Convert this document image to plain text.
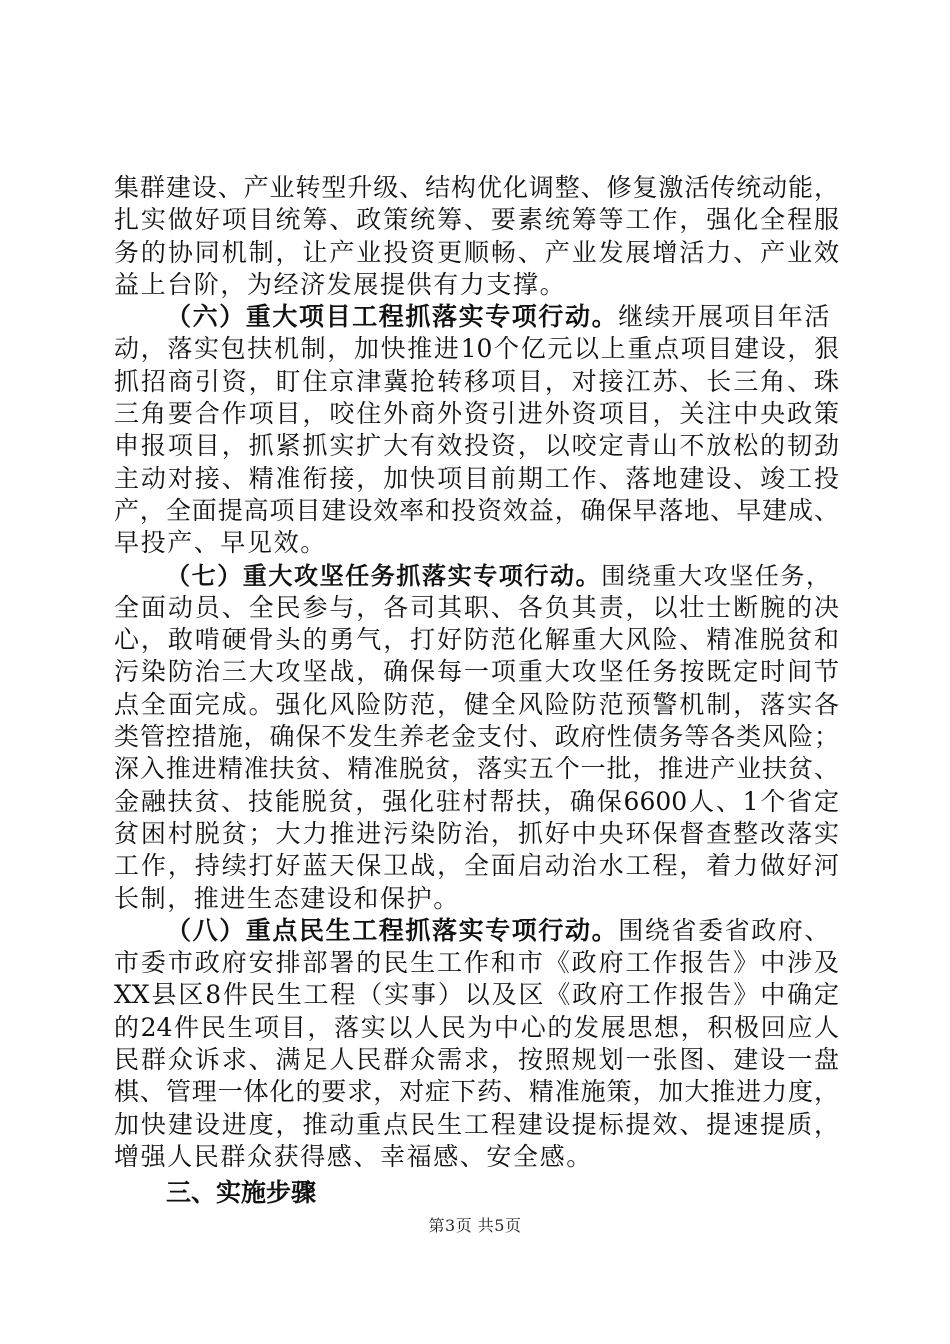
集群建设、产业转型升级、结构优化调整、修复激活传统动能，
扎实做好项目统筹、政策统筹、要素统筹等工作，强化全程服
务的协同机制，让产业投资更顺畅、产业发展增活力、产业效
益上台阶，为经济发展提供有力支撑。
（六）重大项目工程抓落实专项行动。继续开展项目年活
动，落实包扶机制，加快推进10个亿元以上重点项目建设，狠
抓招商引资，盯住京津冀抢转移项目，对接江苏、长三角、珠
三角要合作项目，咬住外商外资引进外资项目，关注中央政策
申报项目，抓紧抓实扩大有效投资，以咬定青山不放松的韧劲
主动对接、精准衔接，加快项目前期工作、落地建设、竣工投
产，全面提高项目建设效率和投资效益，确保早落地、早建成、
早投产、早见效。
（七）重大攻坚任务抓落实专项行动。围绕重大攻坚任务，
全面动员、全民参与，各司其职、各负其责，以壮士断腕的决
心，敢啃硬骨头的勇气，打好防范化解重大风险、精准脱贫和
污染防治三大攻坚战，确保每一项重大攻坚任务按既定时间节
点全面完成。强化风险防范，健全风险防范预警机制，落实各
类管控措施，确保不发生养老金支付、政府性债务等各类风险；
深入推进精准扶贫、精准脱贫，落实五个一批，推进产业扶贫、
金融扶贫、技能脱贫，强化驻村帮扶，确保6600人、1个省定
贫困村脱贫；大力推进污染防治，抓好中央环保督查整改落实
工作，持续打好蓝天保卫战，全面启动治水工程，着力做好河
长制，推进生态建设和保护。
（八）重点民生工程抓落实专项行动。围绕省委省政府、
市委市政府安排部署的民生工作和市《政府工作报告》中涉及
XX县区8件民生工程（实事）以及区《政府工作报告》中确定
的24件民生项目，落实以人民为中心的发展思想，积极回应人
民群众诉求、满足人民群众需求，按照规划一张图、建设一盘
棋、管理一体化的要求，对症下药、精准施策，加大推进力度，
加快建设进度，推动重点民生工程建设提标提效、提速提质，
增强人民群众获得感、幸福感、安全感。
三、实施步骤
第3页 共5页
